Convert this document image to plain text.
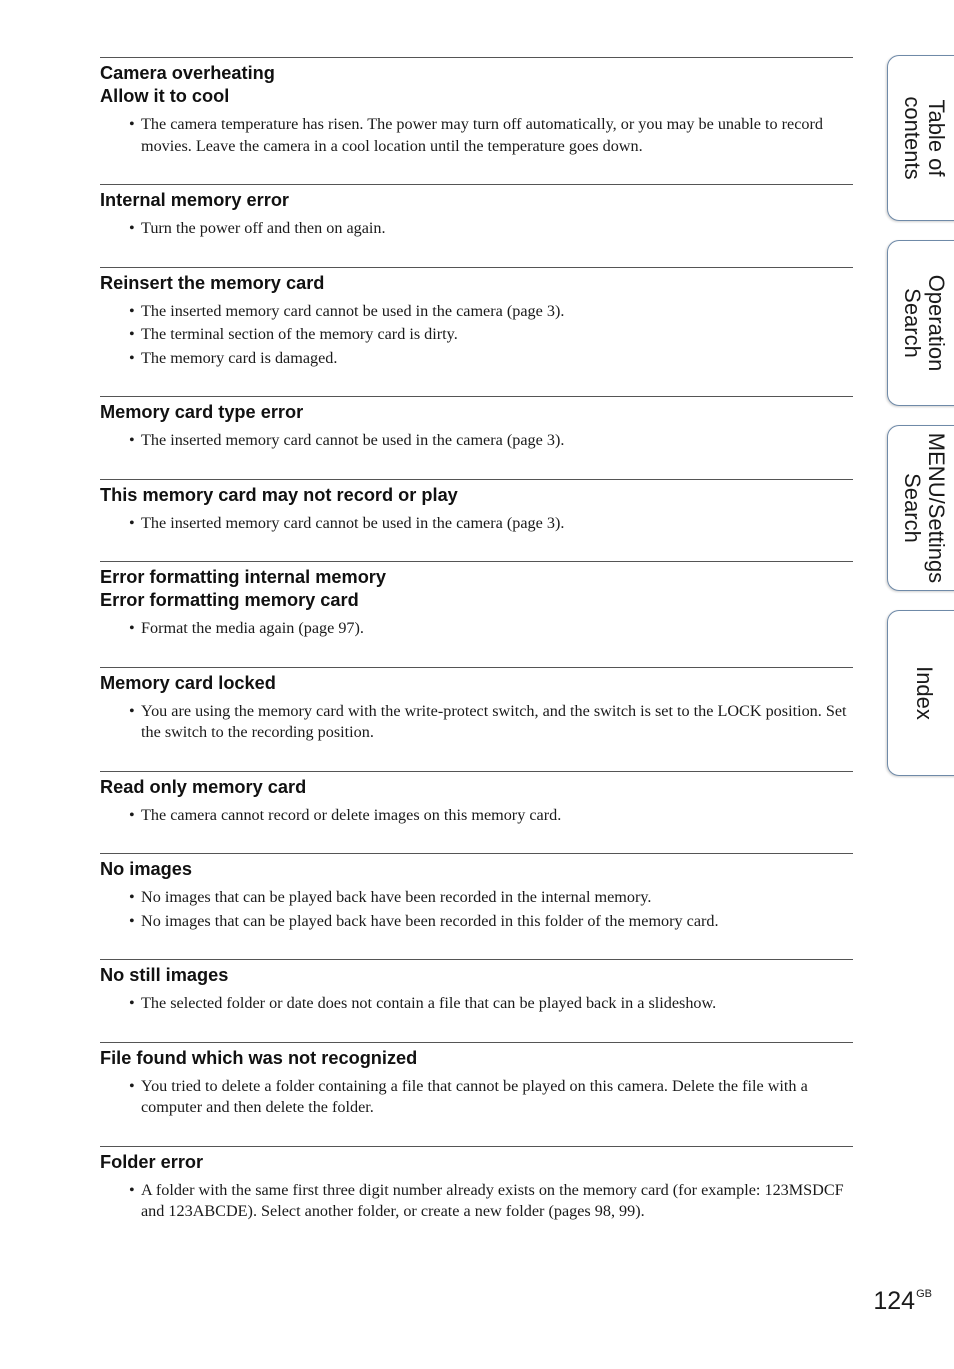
Camera overheating
Allow it to cool
• The camera temperature has risen. The power may turn off automatically, or you may be unable to record movies. Leave the camera in a cool location until the temperature goes down.
Internal memory error
• Turn the power off and then on again.
Reinsert the memory card
• The inserted memory card cannot be used in the camera (page 3).
• The terminal section of the memory card is dirty.
• The memory card is damaged.
Memory card type error
• The inserted memory card cannot be used in the camera (page 3).
This memory card may not record or play
• The inserted memory card cannot be used in the camera (page 3).
Error formatting internal memory
Error formatting memory card
• Format the media again (page 97).
Memory card locked
• You are using the memory card with the write-protect switch, and the switch is set to the LOCK position. Set the switch to the recording position.
Read only memory card
• The camera cannot record or delete images on this memory card.
No images
• No images that can be played back have been recorded in the internal memory.
• No images that can be played back have been recorded in this folder of the memory card.
No still images
• The selected folder or date does not contain a file that can be played back in a slideshow.
File found which was not recognized
• You tried to delete a folder containing a file that cannot be played on this camera. Delete the file with a computer and then delete the folder.
Folder error
• A folder with the same first three digit number already exists on the memory card (for example: 123MSDCF and 123ABCDE). Select another folder, or create a new folder (pages 98, 99).
Table of
contents
Operation
Search
MENU/Settings
Search
Index
$124^{GB}$
